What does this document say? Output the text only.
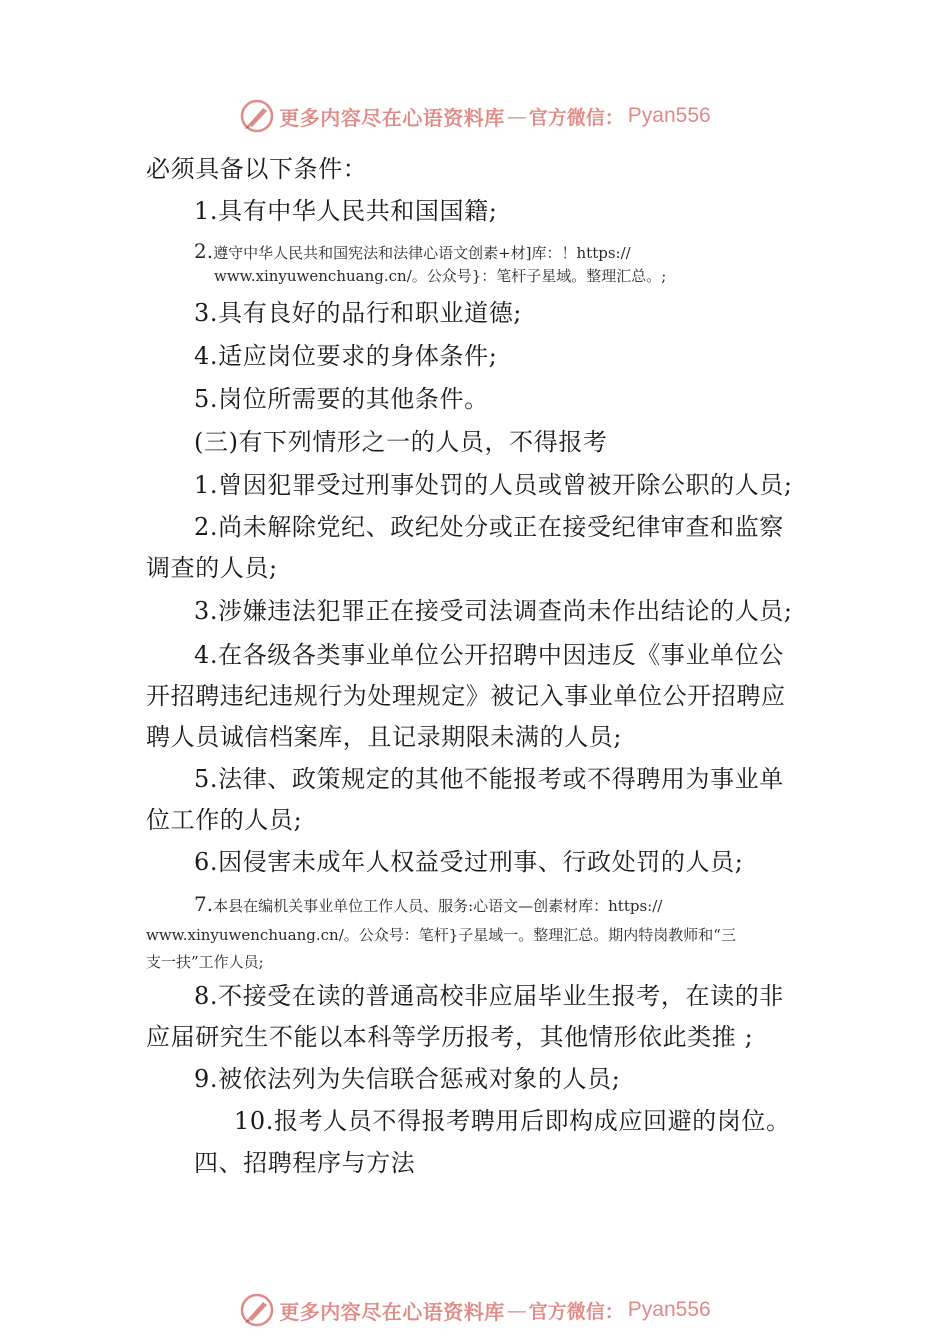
更多内容尽在心语资料库 — 官方微信： Pyan556
必须具备以下条件：
1.具有中华人民共和国国籍;
2.遵守中华人民共和国宪法和法律心语文创素+材]库：！https://
www.xinyuwenchuang.cn/。公众号}：笔杆子星域。整理汇总。;
3.具有良好的品行和职业道德;
4.适应岗位要求的身体条件;
5.岗位所需要的其他条件。
(三)有下列情形之一的人员，不得报考
1.曾因犯罪受过刑事处罚的人员或曾被开除公职的人员;
2.尚未解除党纪、政纪处分或正在接受纪律审查和监察
调查的人员;
3.涉嫌违法犯罪正在接受司法调查尚未作出结论的人员;
4.在各级各类事业单位公开招聘中因违反《事业单位公
开招聘违纪违规行为处理规定》被记入事业单位公开招聘应
聘人员诚信档案库，且记录期限未满的人员;
5.法律、政策规定的其他不能报考或不得聘用为事业单
位工作的人员;
6.因侵害未成年人权益受过刑事、行政处罚的人员;
7.本县在编机关事业单位工作人员、服务:心语文—创素材库：https://
www.xinyuwenchuang.cn/。公众号：笔杆}子星域一。整理汇总。期内特岗教师和“三
支一扶”工作人员;
8.不接受在读的普通高校非应届毕业生报考，在读的非
应届研究生不能以本科等学历报考，其他情形依此类推 ;
9.被依法列为失信联合惩戒对象的人员;
10.报考人员不得报考聘用后即构成应回避的岗位。
四、招聘程序与方法
更多内容尽在心语资料库 — 官方微信： Pyan556
